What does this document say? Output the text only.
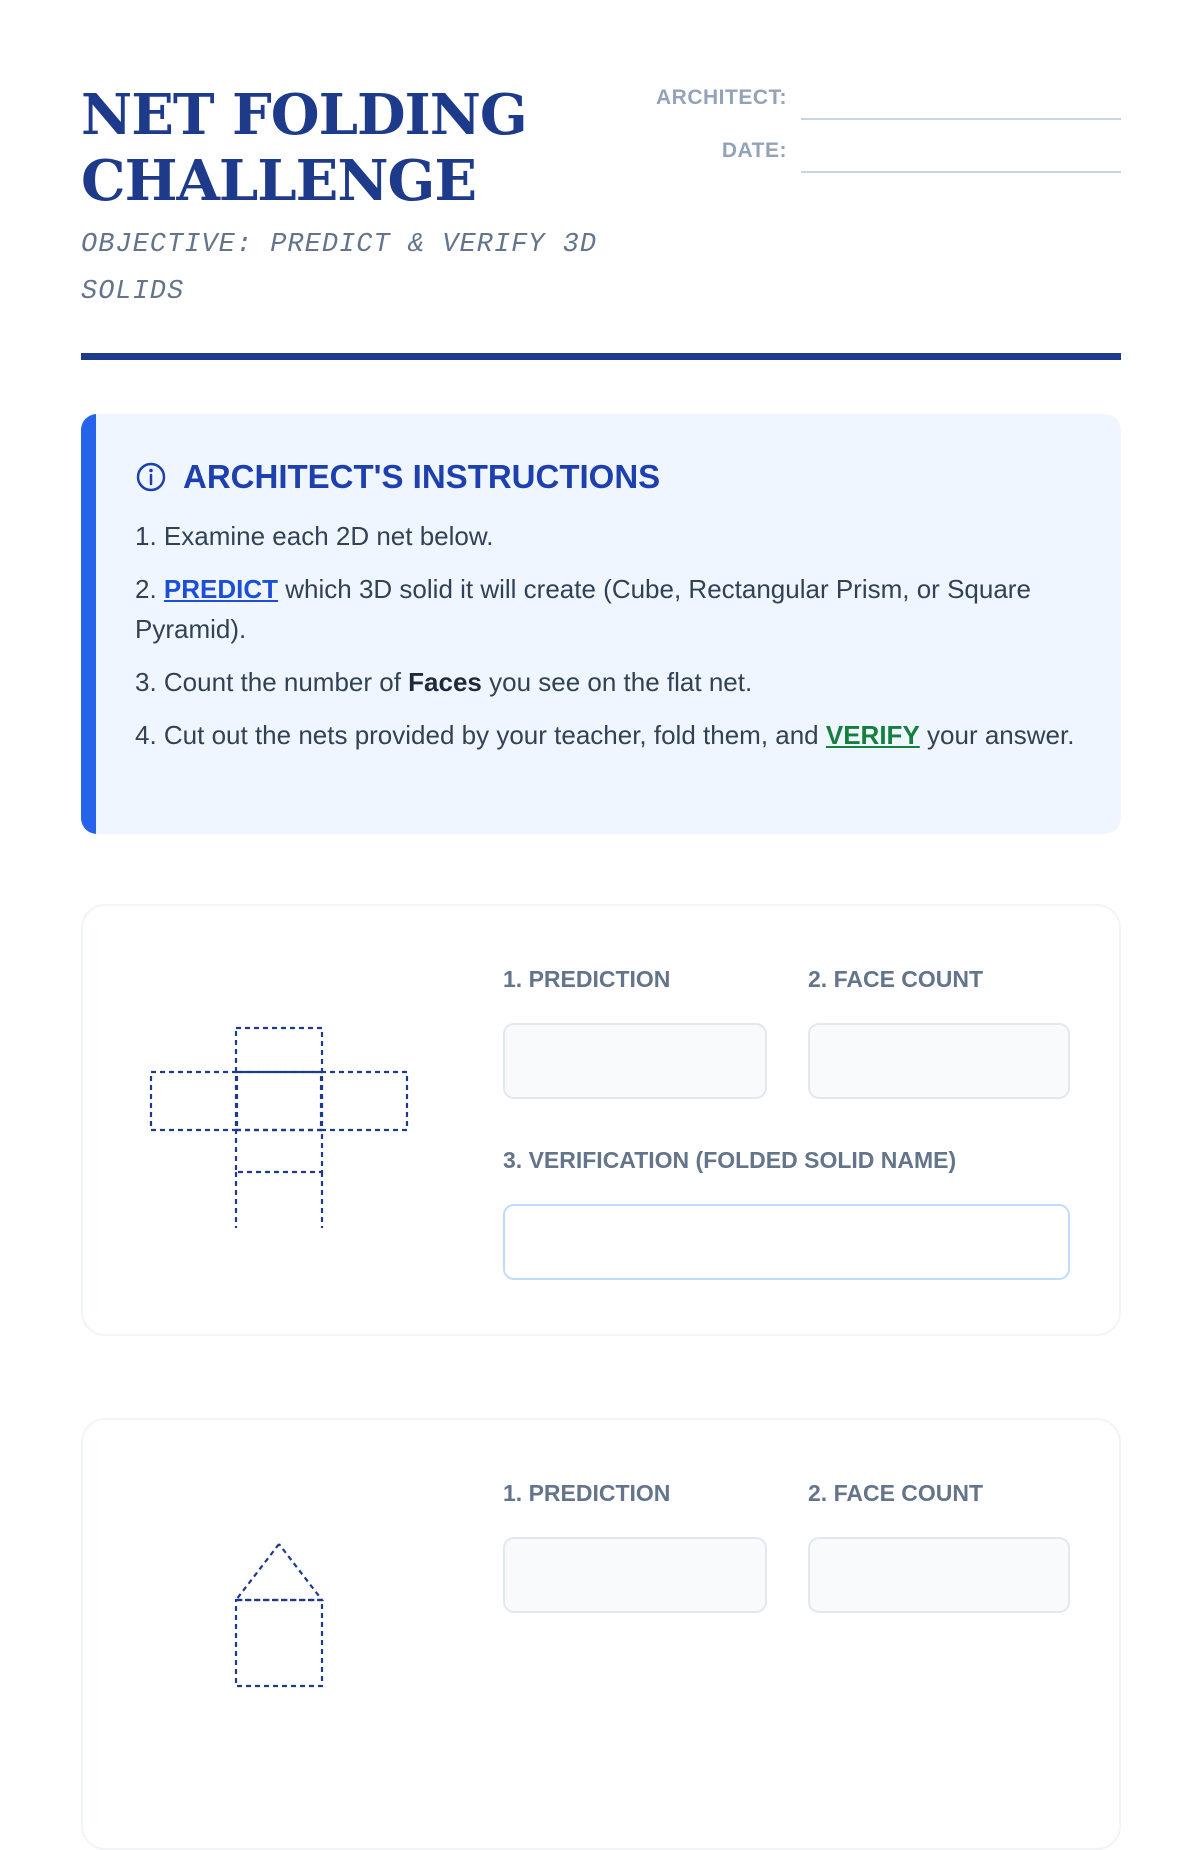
NET FOLDING
CHALLENGE

OBJECTIVE: PREDICT & VERIFY 3D
SOLIDS

ARCHITECT:
DATE:
ARCHITECT'S INSTRUCTIONS
1. Examine each 2D net below.
2. PREDICT which 3D solid it will create (Cube, Rectangular Prism, or Square Pyramid).
3. Count the number of Faces you see on the flat net.
4. Cut out the nets provided by your teacher, fold them, and VERIFY your answer.
1. PREDICTION	2. FACE COUNT
3. VERIFICATION (FOLDED SOLID NAME)
1. PREDICTION	2. FACE COUNT
